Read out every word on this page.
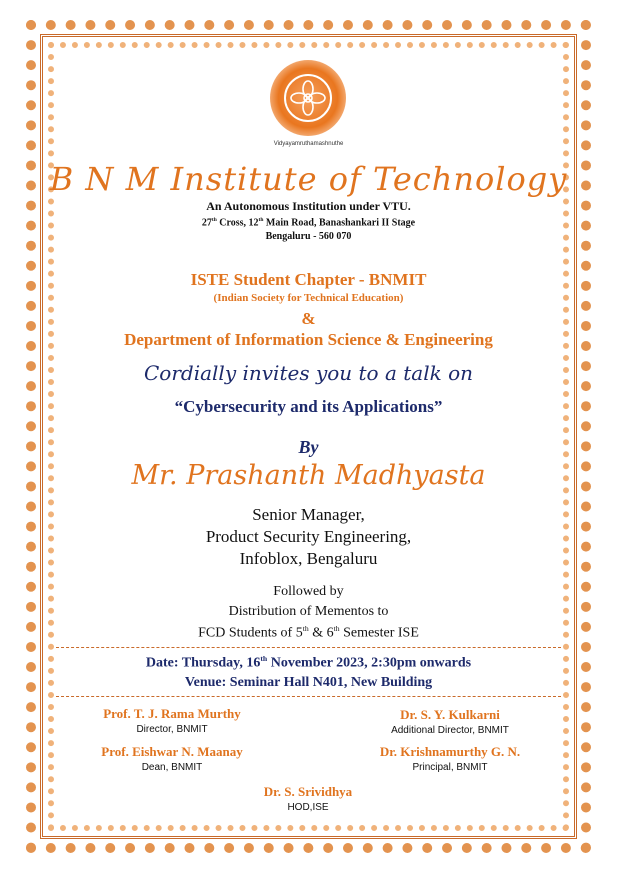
Vidyayamruthamashnuthe

B N M Institute of Technology

An Autonomous Institution under VTU.

27th Cross, 12th Main Road, Banashankari II Stage

Bengaluru - 560 070

ISTE Student Chapter - BNMIT

(Indian Society for Technical Education)

&

Department of Information Science & Engineering

Cordially invites you to a talk on

“Cybersecurity and its Applications”

By

Mr. Prashanth Madhyasta

Senior Manager,

Product Security Engineering,

Infoblox, Bengaluru

Followed by

Distribution of Mementos to

FCD Students of 5th & 6th Semester ISE

Date: Thursday, 16th November 2023, 2:30pm onwards

Venue: Seminar Hall N401, New Building

Prof. T. J. Rama Murthy
Director, BNMIT
Dr. S. Y. Kulkarni
Additional Director, BNMIT
Prof. Eishwar N. Maanay
Dean, BNMIT
Dr. Krishnamurthy G. N.
Principal, BNMIT
Dr. S. Srividhya
HOD,ISE
